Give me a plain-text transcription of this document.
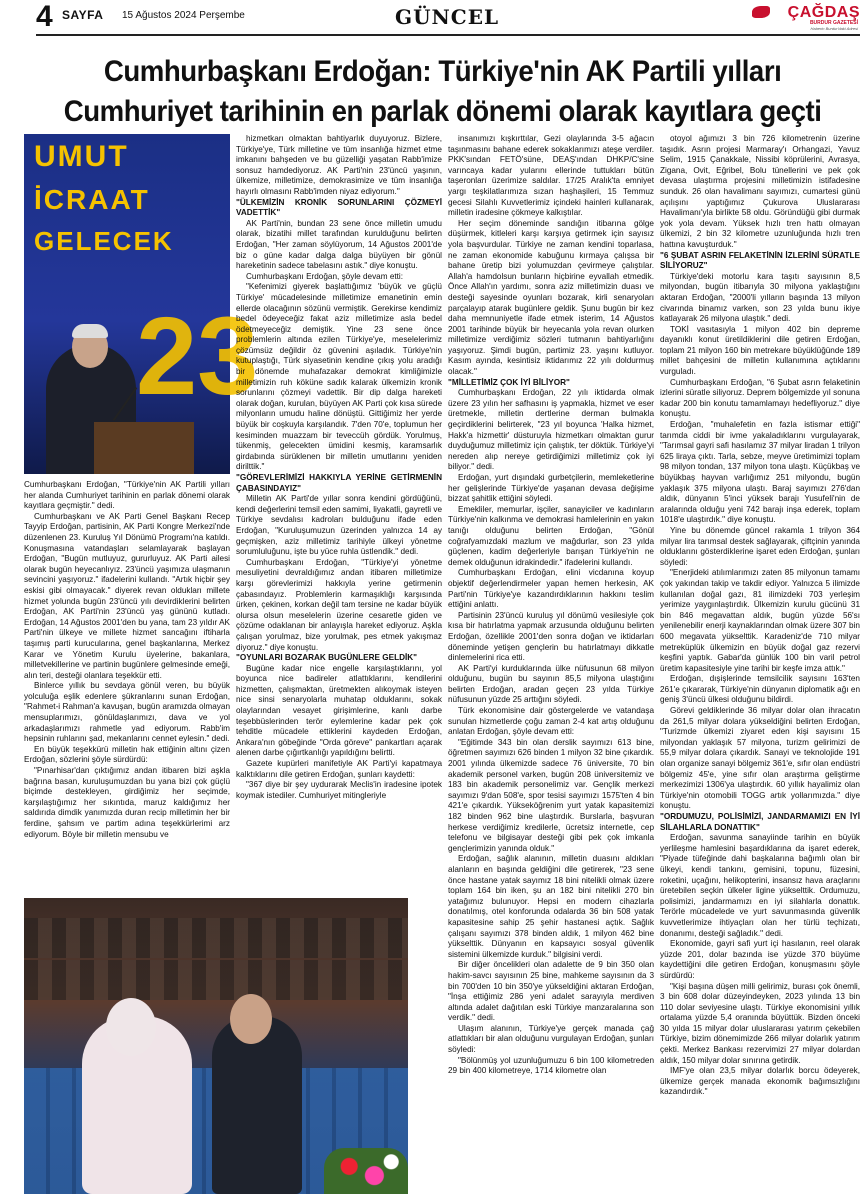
4 SAYFA 15 Ağustos 2024 Perşembe	GÜNCEL	ÇAĞDAŞ
BURDUR GAZETESİ
Haberin Burdur'daki Adresi
Cumhurbaşkanı Erdoğan: Türkiye'nin AK Partili yılları
Cumhuriyet tarihinin en parlak dönemi olarak kayıtlara geçti
UMUT
İCRAAT
GELECEK
23

Cumhurbaşkanı Erdoğan, "Türkiye'nin AK Partili yılları her alanda Cumhuriyet tarihinin en parlak dönemi olarak kayıtlara geçmiştir." dedi.

Cumhurbaşkanı ve AK Parti Genel Başkanı Recep Tayyip Erdoğan, partisinin, AK Parti Kongre Merkezi'nde düzenlenen 23. Kuruluş Yıl Dönümü Programı'na katıldı. Konuşmasına vatandaşları selamlayarak başlayan Erdoğan, "Bugün mutluyuz, gururluyuz. AK Parti ailesi olarak bugün heyecanlıyız. 23'üncü yaşımıza ulaşmanın sevincini yaşıyoruz." ifadelerini kullandı. "Artık hiçbir şey eskisi gibi olmayacak." diyerek revan oldukları millete hizmet yolunda bugün 23'üncü yılı devirdiklerini belirten Erdoğan, AK Parti'nin 23'üncü yaş gününü kutladı. Erdoğan, 14 Ağustos 2001'den bu yana, tam 23 yıldır AK Parti'nin ülkeye ve millete hizmet sancağını iftiharla taşımış parti kurucularına, genel başkanlarına, Merkez Karar ve Yönetim Kurulu üyelerine, bakanlara, milletvekillerine ve partinin bugünlere gelmesinde emeği, alın teri, desteği olanlara teşekkür etti.

Binlerce yıllık bu sevdaya gönül veren, bu büyük yolculuğa eşlik edenlere şükranlarını sunan Erdoğan, "Rahmet-i Rahman'a kavuşan, bugün aramızda olmayan mensuplarımızı, gönüldaşlarımızı, dava ve yol arkadaşlarımızı rahmetle yad ediyorum. Rabb'im hepsinin ruhlarını şad, mekanlarını cennet eylesin." dedi.

En büyük teşekkürü milletin hak ettiğinin altını çizen Erdoğan, sözlerini şöyle sürdürdü:

"Pınarhisar'dan çıktığımız andan itibaren bizi aşkla bağrına basan, kuruluşumuzdan bu yana bizi çok güçlü biçimde destekleyen, girdiğimiz her seçimde, karşılaştığımız her sıkıntıda, maruz kaldığımız her saldırıda dimdik yanımızda duran recip milletimin her bir ferdine, şahsım ve partim adına teşekkürlerimi arz ediyorum. Böyle bir milletin mensubu ve

hizmetkarı olmaktan bahtiyarlık duyuyoruz. Bizlere, Türkiye'ye, Türk milletine ve tüm insanlığa hizmet etme imkanını bahşeden ve bu güzelliği yaşatan Rabb'imize sonsuz hamdediyoruz. AK Parti'nin 23'üncü yaşının, ülkemize, milletimize, demokrasimize ve tüm insanlığa hayırlı olmasını Rabb'imden niyaz ediyorum."

"ÜLKEMİZİN KRONİK SORUNLARINI ÇÖZMEYİ VADETTİK"

AK Parti'nin, bundan 23 sene önce milletin umudu olarak, bizatihi millet tarafından kurulduğunu belirten Erdoğan, "Her zaman söylüyorum, 14 Ağustos 2001'de biz o güne kadar dalga dalga büyüyen bir gönül hareketinin sadece tabelasını astık." diye konuştu.

Cumhurbaşkanı Erdoğan, şöyle devam etti:

"Kefenimizi giyerek başlattığımız 'büyük ve güçlü Türkiye' mücadelesinde milletimize emanetinin emin ellerde olacağının sözünü vermiştik. Gerekirse kendimiz bedel ödeyeceğiz fakat aziz milletimize asla bedel ödetmeyeceğiz demiştik. Yine 23 sene önce problemlerin altında ezilen Türkiye'ye, meselelerimiz çözümsüz değildir öz güvenini aşıladık. Türkiye'nin kutuplaştığı, Türk siyasetinin kendine çıkış yolu aradığı bir dönemde muhafazakar demokrat kimliğimizle milletimizin ruh köküne sadık kalarak ülkemizin kronik sorunlarını çözmeyi vadettik. Bir dip dalga hareketi olarak doğan, kurulan, büyüyen AK Parti çok kısa sürede milyonların umudu haline dönüştü. Gittiğimiz her yerde büyük bir coşkuyla karşılandık. 7'den 70'e, toplumun her kesiminden muazzam bir teveccüh gördük. Yorulmuş, tükenmiş, gelecekten ümidini kesmiş, karamsarlık girdabında sürüklenen bir milletin umutlarını yeniden dirilttik."

"GÖREVLERİMİZİ HAKKIYLA YERİNE GETİRMENİN ÇABASINDAYIZ"

Milletin AK Parti'de yıllar sonra kendini gördüğünü, kendi değerlerini temsil eden samimi, liyakatli, gayretli ve Türkiye sevdalısı kadroları bulduğunu ifade eden Erdoğan, "Kuruluşumuzun üzerinden yalnızca 14 ay geçmişken, aziz milletimiz tarihiyle ülkeyi yönetme sorumluluğunu, işte bu yüce ruhla üstlendik." dedi.

Cumhurbaşkanı Erdoğan, "Türkiye'yi yönetme mesuliyetini devraldığımız andan itibaren milletimize karşı görevlerimizi hakkıyla yerine getirmenin çabasındayız. Problemlerin karmaşıklığı karşısında ürken, çekinen, korkan değil tam tersine ne kadar büyük olursa olsun meselelerin üzerine cesaretle giden ve çözüme odaklanan bir anlayışla hareket ediyoruz. Aşkla çalışan yorulmaz, bize yorulmak, pes etmek yakışmaz diyoruz." diye konuştu.

"OYUNLARI BOZARAK BUGÜNLERE GELDİK"

Bugüne kadar nice engelle karşılaştıklarını, yol boyunca nice badireler atlattıklarını, kendilerini hizmetten, çalışmaktan, üretmekten alıkoymak isteyen nice sinsi senaryolarla muhatap olduklarını, sokak olaylarından vesayet girişimlerine, kanlı darbe teşebbüslerinden terör eylemlerine kadar pek çok tehditle mücadele ettiklerini kaydeden Erdoğan, Ankara'nın göbeğinde "Orda göreve" pankartları açarak alenen darbe çığırtkanlığı yapıldığını belirtti.

Gazete kupürleri manifetiyle AK Parti'yi kapatmaya kalktıklarını dile getiren Erdoğan, şunları kaydetti:

"367 diye bir şey uydurarak Meclis'in iradesine ipotek koymak istediler. Cumhuriyet mitingleriyle

insanımızı kışkırttılar, Gezi olaylarında 3-5 ağacın taşınmasını bahane ederek sokaklarımızı ateşe verdiler. PKK'sından FETÖ'süne, DEAŞ'ından DHKP/C'sine varıncaya kadar yularını ellerinde tuttukları bütün taşeronları üzerimize saldılar. 17/25 Aralık'ta emniyet yargı teşkilatlarımıza sızan haşhaşileri, 15 Temmuz gecesi Silahlı Kuvvetlerimiz içindeki hainleri kullanarak, milletin iradesine çökmeye kalkıştılar.

Her seçim döneminde sandığın itibarına gölge düşürmek, kitleleri karşı karşıya getirmek için sayısız yola başvurdular. Türkiye ne zaman kendini toparlasa, ne zaman ekonomide kabuğunu kırmaya çalışsa bir bahane üretip bizi yolumuzdan çevirmeye çalıştılar. Allah'a hamdolsun bunların hiçbirine eyvallah etmedik. Önce Allah'ın yardımı, sonra aziz milletimizin duası ve desteği sayesinde oyunları bozarak, kirli senaryoları parçalayıp atarak bugünlere geldik. Şunu bugün bir kez daha memnuniyetle ifade etmek isterim, 14 Ağustos 2001 tarihinde büyük bir heyecanla yola revan olurken milletimize verdiğimiz sözleri tutmanın bahtiyarlığını yaşıyoruz. Şimdi bugün, partimiz 23. yaşını kutluyor. Kasım ayında, kesintisiz iktidarımız 22 yılı doldurmuş olacak."

"MİLLETİMİZ ÇOK İYİ BİLİYOR"

Cumhurbaşkanı Erdoğan, 22 yılı iktidarda olmak üzere 23 yılın her safhasını iş yapmakla, hizmet ve eser üretmekle, milletin dertlerine derman bulmakla geçirdiklerini belirterek, "23 yıl boyunca 'Halka hizmet, Hakk'a hizmettir' düsturuyla hizmetkarı olmaktan gurur duyduğumuz milletimiz için çalıştık, ter döktük. Türkiye'yi nereden alıp nereye getirdiğimizi milletimiz çok iyi biliyor." dedi.

Erdoğan, yurt dışındaki gurbetçilerin, memleketlerine her gelişlerinde Türkiye'de yaşanan devasa değişime bizzat şahitlik ettiğini söyledi.

Emekliler, memurlar, işçiler, sanayiciler ve kadınların Türkiye'nin kalkınma ve demokrasi hamlelerinin en yakın tanığı olduğunu belirten Erdoğan, "Gönül coğrafyamızdaki mazlum ve mağdurlar, son 23 yılda güçlenen, kadim değerleriyle barışan Türkiye'nin ne demek olduğunun idrakindedir." ifadelerini kullandı.

Cumhurbaşkanı Erdoğan, elini vicdanına koyup objektif değerlendirmeler yapan hemen herkesin, AK Parti'nin Türkiye'ye kazandırdıklarının hakkını teslim ettiğini anlattı.

Partisinin 23'üncü kuruluş yıl dönümü vesilesiyle çok kısa bir hatırlatma yapmak arzusunda olduğunu belirten Erdoğan, özellikle 2001'den sonra doğan ve iktidarları döneminde yetişen gençlerin bu hatırlatmayı dikkatle dinlemelerini rica etti.

AK Parti'yi kurduklarında ülke nüfusunun 68 milyon olduğunu, bugün bu sayının 85,5 milyona ulaştığını belirten Erdoğan, aradan geçen 23 yılda Türkiye nüfusunun yüzde 25 arttığını söyledi.

Türk ekonomisine dair göstergelerde ve vatandaşa sunulan hizmetlerde çoğu zaman 2-4 kat artış olduğunu anlatan Erdoğan, şöyle devam etti:

"Eğitimde 343 bin olan derslik sayımızı 613 bine, öğretmen sayımızı 626 binden 1 milyon 32 bine çıkardık. 2001 yılında ülkemizde sadece 76 üniversite, 70 bin akademik personel varken, bugün 208 üniversitemiz ve 183 bin akademik personelimiz var. Gençlik merkezi sayımızı 9'dan 508'e, spor tesisi sayımızı 1575'ten 4 bin 421'e çıkardık. Yükseköğrenim yurt yatak kapasitemizi 182 binden 962 bine ulaştırdık. Burslarla, başvuran herkese verdiğimiz kredilerle, ücretsiz internetle, cep telefonu ve bilgisayar desteği gibi pek çok imkanla gençlerimizin yanında olduk."

Erdoğan, sağlık alanının, milletin duasını aldıkları alanların en başında geldiğini dile getirerek, "23 sene önce hastane yatak sayımız 18 bini nitelikli olmak üzere toplam 164 bin iken, şu an 182 bini nitelikli 270 bin yatağımız bulunuyor. Hepsi en modern cihazlarla donatılmış, otel konforunda odalarda 36 bin 508 yatak kapasitesine sahip 25 şehir hastanesi açtık. Sağlık çalışanı sayımızı 378 binden aldık, 1 milyon 462 bine yükselttik. Dünyanın en kapsayıcı sosyal güvenlik sistemini ülkemizde kurduk." bilgisini verdi.

Bir diğer öncelikleri olan adalette de 9 bin 350 olan hakim-savcı sayısının 25 bine, mahkeme sayısının da 3 bin 700'den 10 bin 350'ye yükseldiğini aktaran Erdoğan, "İnşa ettiğimiz 286 yeni adalet sarayıyla merdiven altında adalet dağıtılan eski Türkiye manzaralarına son verdik." dedi.

Ulaşım alanının, Türkiye'ye gerçek manada çağ atlattıkları bir alan olduğunu vurgulayan Erdoğan, şunları söyledi:

"Bölünmüş yol uzunluğumuzu 6 bin 100 kilometreden 29 bin 400 kilometreye, 1714 kilometre olan

otoyol ağımızı 3 bin 726 kilometrenin üzerine taşıdık. Asrın projesi Marmaray'ı Orhangazi, Yavuz Selim, 1915 Çanakkale, Nissibi köprülerini, Avrasya, Zigana, Ovit, Eğribel, Bolu tünellerini ve pek çok devasa ulaştırma projesini milletimizin istifadesine sunduk. 26 olan havalimanı sayımızı, cumartesi günü açılışını yaptığımız Çukurova Uluslararası Havalimanı'yla birlikte 58 oldu. Göründüğü gibi durmak yok yola devam. Yüksek hızlı tren hattı olmayan ülkemizi, 2 bin 32 kilometre uzunluğunda hızlı tren hattına kavuşturduk."

"6 ŞUBAT ASRIN FELAKETİNİN İZLERİNİ SÜRATLE SİLİYORUZ"

Türkiye'deki motorlu kara taşıtı sayısının 8,5 milyondan, bugün itibarıyla 30 milyona yaklaştığını aktaran Erdoğan, "2000'li yılların başında 13 milyon civarında binamız varken, son 23 yılda bunu ikiye katlayarak 26 milyona ulaştık." dedi.

TOKİ vasıtasıyla 1 milyon 402 bin depreme dayanıklı konut üretildiklerini dile getiren Erdoğan, toplam 21 milyon 160 bin metrekare büyüklüğünde 189 millet bahçesini de milletin kullanımına açtıklarını vurguladı.

Cumhurbaşkanı Erdoğan, "6 Şubat asrın felaketinin izlerini süratle siliyoruz. Deprem bölgemizde yıl sonuna kadar 200 bin konutu tamamlamayı hedefliyoruz." diye konuştu.

Erdoğan, "muhalefetin en fazla istismar ettiği" tarımda ciddi bir ivme yakaladıklarını vurgulayarak, "Tarımsal gayri safi hasılamız 37 milyar liradan 1 trilyon 625 liraya çıktı. Tarla, sebze, meyve üretimimizi toplam 98 milyon tondan, 137 milyon tona ulaştı. Küçükbaş ve büyükbaş hayvan varlığımız 251 milyondu, bugün yaklaşık 375 milyona ulaştı. Baraj sayımızı 276'dan aldık, dünyanın 5'inci yüksek barajı Yusufeli'nin de aralarında olduğu yeni 742 barajı inşa ederek, toplam 1018'e ulaştırdık." diye konuştu.

Yine bu dönemde güncel rakamla 1 trilyon 364 milyar lira tarımsal destek sağlayarak, çiftçinin yanında olduklarını gösterdiklerine işaret eden Erdoğan, şunları söyledi:

"Enerjideki atılımlarımızı zaten 85 milyonun tamamı çok yakından takip ve takdir ediyor. Yalnızca 5 ilimizde kullanılan doğal gazı, 81 ilimizdeki 703 yerleşim yerimize yaygınlaştırdık. Ülkemizin kurulu gücünü 31 bin 846 megavattan aldık, bugün yüzde 56'sı yenilenebilir enerji kaynaklarından olmak üzere 307 bin 600 megavata yükselttik. Karadeniz'de 710 milyar metreküplük ülkemizin en büyük doğal gaz rezervi keşfini yaptık. Gabar'da günlük 100 bin varil petrol üretim kapasitesiyle yine tarihi bir keşfe imza attık."

Erdoğan, dışişlerinde temsilcilik sayısını 163'ten 261'e çıkararak, Türkiye'nin dünyanın diplomatik ağı en geniş 3'üncü ülkesi olduğunu bildirdi.

Görevi geldiklerinde 36 milyar dolar olan ihracatın da 261,5 milyar dolara yükseldiğini belirten Erdoğan, "Turizmde ülkemizi ziyaret eden kişi sayısını 15 milyondan yaklaşık 57 milyona, turizm gelirimizi de 55,9 milyar dolara çıkardık. Sanayi ve teknolojide 191 olan organize sanayi bölgemiz 361'e, sıfır olan endüstri bölgemiz 45'e, yine sıfır olan araştırma geliştirme merkezimizi 1306'ya ulaştırdık. 60 yıllık hayalimiz olan Türkiye'nin otomobili TOGG artık yollarımızda." diye konuştu.

"ORDUMUZU, POLİSİMİZİ, JANDARMAMIZI EN İYİ SİLAHLARLA DONATTIK"

Erdoğan, savunma sanayiinde tarihin en büyük yerlileşme hamlesini başardıklarına da işaret ederek, "Piyade tüfeğinde dahi başkalarına bağımlı olan bir ülkeyi, kendi tankını, gemisini, topunu, füzesini, roketini, uçağını, helikopterini, insansız hava araçlarını üretebilen seçkin ülkeler ligine yükselttik. Ordumuzu, polisimizi, jandarmamızı en iyi silahlarla donattık. Terörle mücadelede ve yurt savunmasında güvenlik kuvvetlerimize ihtiyaçları olan her türlü teçhizatı, donanımı, desteği sağladık." dedi.

Ekonomide, gayri safi yurt içi hasılanın, reel olarak yüzde 201, dolar bazında ise yüzde 370 büyüme kaydettiğini dile getiren Erdoğan, konuşmasını şöyle sürdürdü:

"Kişi başına düşen milli gelirimiz, burası çok önemli, 3 bin 608 dolar düzeyindeyken, 2023 yılında 13 bin 110 dolar seviyesine ulaştı. Türkiye ekonomisini yıllık ortalama yüzde 5,4 oranında büyüttük. Bizden önceki 30 yılda 15 milyar dolar uluslararası yatırım çekebilen Türkiye, bizim dönemimizde 266 milyar dolarlık yatırım çekti. Merkez Bankası rezervimizi 27 milyar dolardan aldık, 150 milyar dolar sınırına getirdik.

IMF'ye olan 23,5 milyar dolarlık borcu ödeyerek, ülkemize gerçek manada ekonomik bağımsızlığını kazandırdık."
